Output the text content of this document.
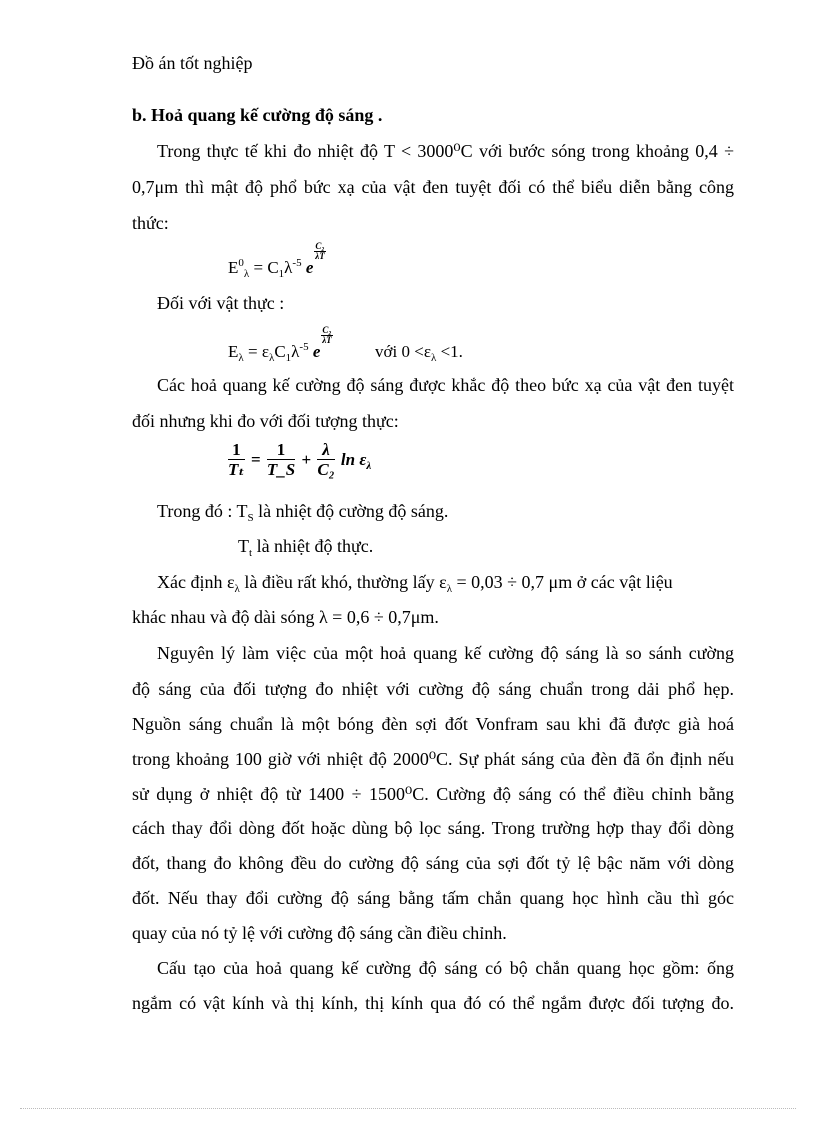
Đồ án tốt nghiệp
b. Hoả quang kế cường độ sáng .
Trong thực tế khi đo nhiệt độ T < 3000⁰C với bước sóng trong khoảng 0,4 ÷
0,7μm thì mật độ phổ bức xạ của vật đen tuyệt đối có thể biểu diễn bằng công
thức:
$E^0_\lambda = C_1\lambda^{-5}$ e
$\frac{\text{C₂}}{\lambda T}$
Đối với vật thực :
$E_\lambda = \varepsilon_\lambda C_1\lambda^{-5}$ e
$\frac{\text{C₂}}{\lambda T}$
với $0 <\varepsilon_\lambda <1$.
Các hoả quang kế cường độ sáng được khắc độ theo bức xạ của vật đen tuyệt
đối nhưng khi đo với đối tượng thực:
$\frac{1}{\text{Tₜ}} = \frac{1}{T\_S} + \frac{\lambda}{\text{C₂}}$ $\ln \varepsilon_\lambda$
Trong đó : $T_S$ là nhiệt độ cường độ sáng.
$T_t$ là nhiệt độ thực.
Xác định $\varepsilon_\lambda$ là điều rất khó, thường lấy $\varepsilon_\lambda = 0,03 \div 0,7$ μm ở các vật liệu
khác nhau và độ dài sóng λ = 0,6 ÷ 0,7μm.
Nguyên lý làm việc của một hoả quang kế cường độ sáng là so sánh cường
độ sáng của đối tượng đo nhiệt với cường độ sáng chuẩn trong dải phổ hẹp.
Nguồn sáng chuẩn là một bóng đèn sợi đốt Vonfram sau khi đã được già hoá
trong khoảng 100 giờ với nhiệt độ 2000⁰C. Sự phát sáng của đèn đã ổn định nếu
sử dụng ở nhiệt độ từ 1400 ÷ 1500⁰C. Cường độ sáng có thể điều chỉnh bằng
cách thay đổi dòng đốt hoặc dùng bộ lọc sáng. Trong trường hợp thay đổi dòng
đốt, thang đo không đều do cường độ sáng của sợi đốt tỷ lệ bậc năm với dòng
đốt. Nếu thay đổi cường độ sáng bằng tấm chắn quang học hình cầu thì góc
quay của nó tỷ lệ với cường độ sáng cần điều chỉnh.
Cấu tạo của hoả quang kế cường độ sáng có bộ chắn quang học gồm: ống
ngắm có vật kính và thị kính, thị kính qua đó có thể ngắm được đối tượng đo.
